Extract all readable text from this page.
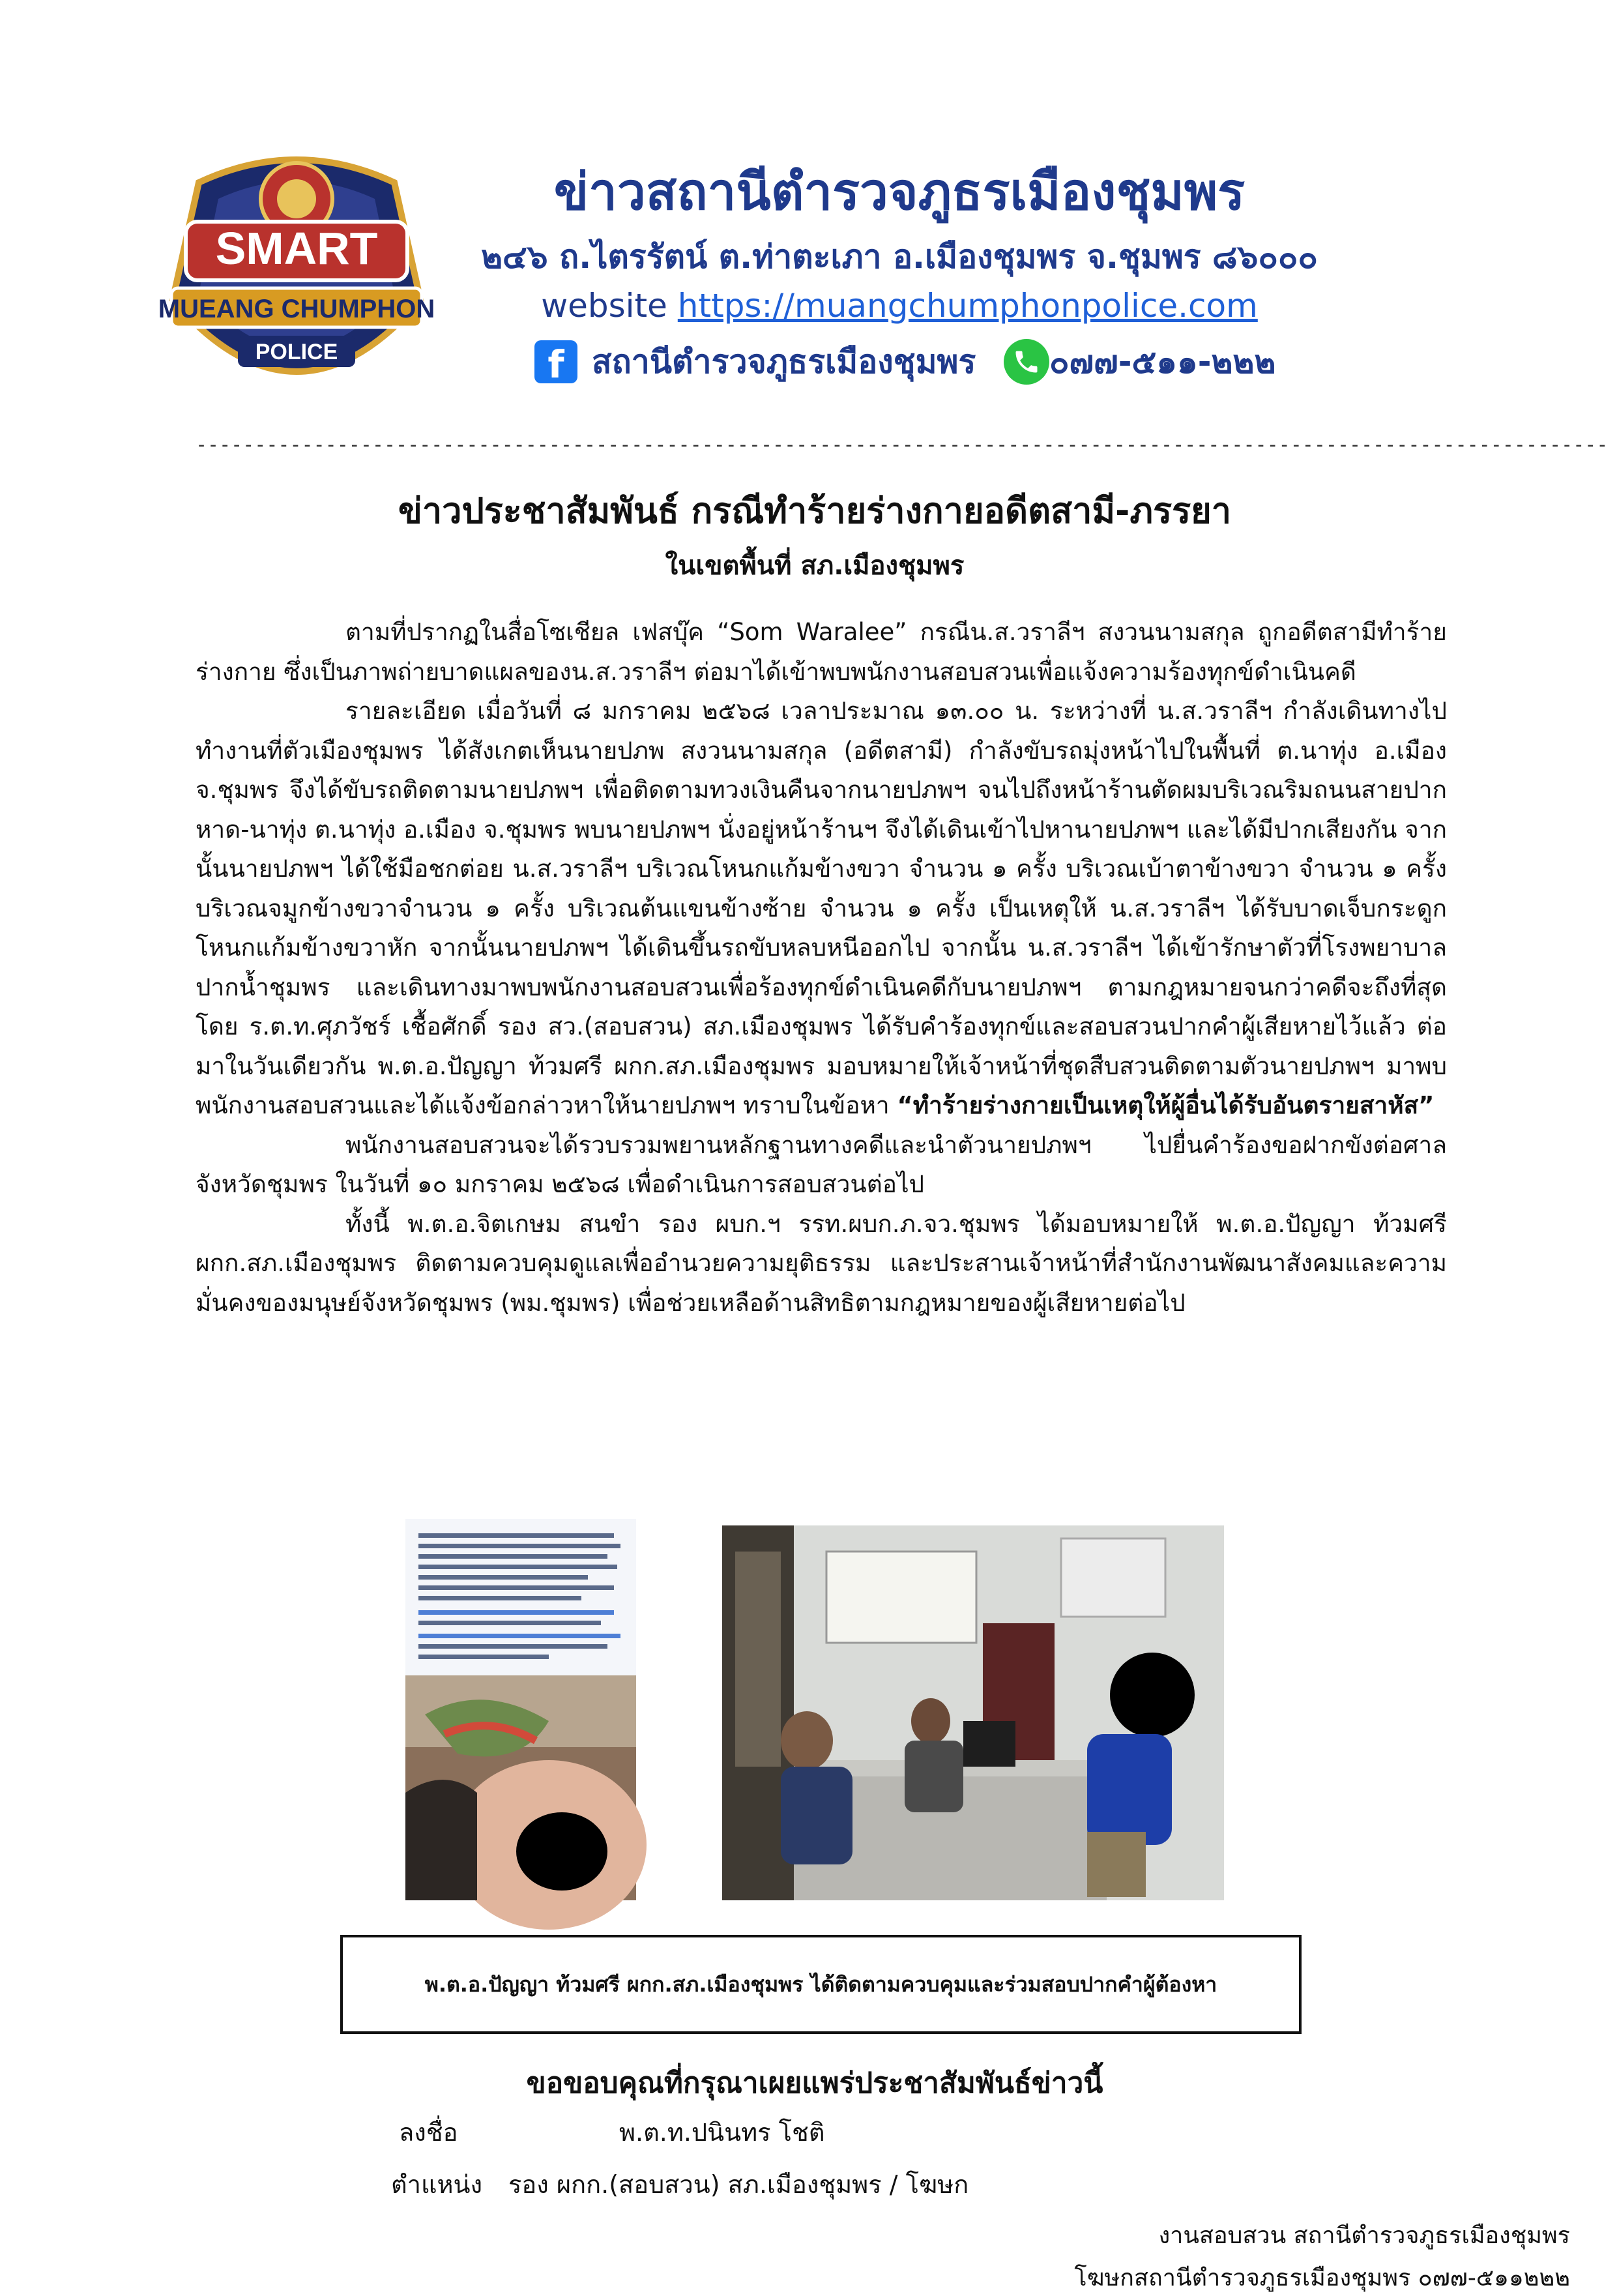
SMART
MUEANG CHUMPHON
POLICE
ข่าวสถานีตำรวจภูธรเมืองชุมพร
๒๔๖ ถ.ไตรรัตน์ ต.ท่าตะเภา อ.เมืองชุมพร จ.ชุมพร ๘๖๐๐๐
website https://muangchumphonpolice.com
f สถานีตำรวจภูธรเมืองชุมพร ๐๗๗-๕๑๑-๒๒๒
------------------------------------------------------------------------------------------------------------------------
ข่าวประชาสัมพันธ์ กรณีทำร้ายร่างกายอดีตสามี-ภรรยา
ในเขตพื้นที่ สภ.เมืองชุมพร

ตามที่ปรากฏในสื่อโซเชียล เฟสบุ๊ค “Som Waralee” กรณีน.ส.วราลีฯ สงวนนามสกุล ถูกอดีตสามีทำร้ายร่างกาย ซึ่งเป็นภาพถ่ายบาดแผลของน.ส.วราลีฯ ต่อมาได้เข้าพบพนักงานสอบสวนเพื่อแจ้งความร้องทุกข์ดำเนินคดี

รายละเอียด เมื่อวันที่ ๘ มกราคม ๒๕๖๘ เวลาประมาณ ๑๓.๐๐ น. ระหว่างที่ น.ส.วราลีฯ กำลังเดินทางไปทำงานที่ตัวเมืองชุมพร ได้สังเกตเห็นนายปภพ สงวนนามสกุล (อดีตสามี) กำลังขับรถมุ่งหน้าไปในพื้นที่ ต.นาทุ่ง อ.เมือง จ.ชุมพร จึงได้ขับรถติดตามนายปภพฯ เพื่อติดตามทวงเงินคืนจากนายปภพฯ จนไปถึงหน้าร้านตัดผมบริเวณริมถนนสายปากหาด-นาทุ่ง ต.นาทุ่ง อ.เมือง จ.ชุมพร พบนายปภพฯ นั่งอยู่หน้าร้านฯ จึงได้เดินเข้าไปหานายปภพฯ และได้มีปากเสียงกัน จากนั้นนายปภพฯ ได้ใช้มือชกต่อย น.ส.วราลีฯ บริเวณโหนกแก้มข้างขวา จำนวน ๑ ครั้ง บริเวณเบ้าตาข้างขวา จำนวน ๑ ครั้ง บริเวณจมูกข้างขวาจำนวน ๑ ครั้ง บริเวณต้นแขนข้างซ้าย จำนวน ๑ ครั้ง เป็นเหตุให้ น.ส.วราลีฯ ได้รับบาดเจ็บกระดูกโหนกแก้มข้างขวาหัก จากนั้นนายปภพฯ ได้เดินขึ้นรถขับหลบหนีออกไป จากนั้น น.ส.วราลีฯ ได้เข้ารักษาตัวที่โรงพยาบาลปากน้ำชุมพร และเดินทางมาพบพนักงานสอบสวนเพื่อร้องทุกข์ดำเนินคดีกับนายปภพฯ ตามกฎหมายจนกว่าคดีจะถึงที่สุด โดย ร.ต.ท.ศุภวัชร์ เชื้อศักดิ์ รอง สว.(สอบสวน) สภ.เมืองชุมพร ได้รับคำร้องทุกข์และสอบสวนปากคำผู้เสียหายไว้แล้ว ต่อมาในวันเดียวกัน พ.ต.อ.ปัญญา ท้วมศรี ผกก.สภ.เมืองชุมพร มอบหมายให้เจ้าหน้าที่ชุดสืบสวนติดตามตัวนายปภพฯ มาพบพนักงานสอบสวนและได้แจ้งข้อกล่าวหาให้นายปภพฯ ทราบในข้อหา “ทำร้ายร่างกายเป็นเหตุให้ผู้อื่นได้รับอันตรายสาหัส”

พนักงานสอบสวนจะได้รวบรวมพยานหลักฐานทางคดีและนำตัวนายปภพฯ ไปยื่นคำร้องขอฝากขังต่อศาลจังหวัดชุมพร ในวันที่ ๑๐ มกราคม ๒๕๖๘ เพื่อดำเนินการสอบสวนต่อไป

ทั้งนี้ พ.ต.อ.จิตเกษม สนขำ รอง ผบก.ฯ รรท.ผบก.ภ.จว.ชุมพร ได้มอบหมายให้ พ.ต.อ.ปัญญา ท้วมศรี ผกก.สภ.เมืองชุมพร ติดตามควบคุมดูแลเพื่ออำนวยความยุติธรรม และประสานเจ้าหน้าที่สำนักงานพัฒนาสังคมและความมั่นคงของมนุษย์จังหวัดชุมพร (พม.ชุมพร) เพื่อช่วยเหลือด้านสิทธิตามกฎหมายของผู้เสียหายต่อไป

พ.ต.อ.ปัญญา ท้วมศรี ผกก.สภ.เมืองชุมพร ได้ติดตามควบคุมและร่วมสอบปากคำผู้ต้องหา
ขอขอบคุณที่กรุณาเผยแพร่ประชาสัมพันธ์ข่าวนี้
ลงชื่อ	พ.ต.ท.ปนินทร โชติ
ตำแหน่ง รอง ผกก.(สอบสวน) สภ.เมืองชุมพร / โฆษก
งานสอบสวน สถานีตำรวจภูธรเมืองชุมพร
โฆษกสถานีตำรวจภูธรเมืองชุมพร ๐๗๗-๕๑๑๒๒๒
